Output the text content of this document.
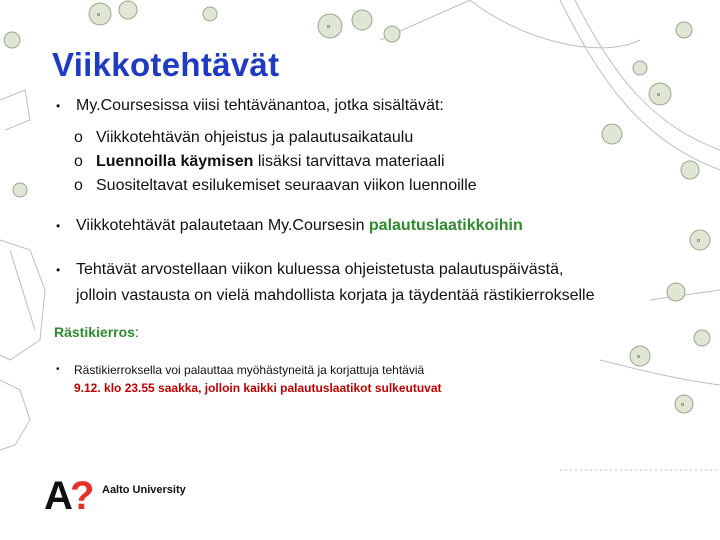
o
o
o
o
o
o
Viikkotehtävät
• My.Coursesissa viisi tehtävänantoa, jotka sisältävät:
o Viikkotehtävän ohjeistus ja palautusaikataulu
o Luennoilla käymisen lisäksi tarvittava materiaali
o Suositeltavat esilukemiset seuraavan viikon luennoille
• Viikkotehtävät palautetaan My.Coursesin palautuslaatikkoihin
• Tehtävät arvostellaan viikon kuluessa ohjeistetusta palautuspäivästä,
jolloin vastausta on vielä mahdollista korjata ja täydentää rästikierrokselle
Rästikierros:
• Rästikierroksella voi palauttaa myöhästyneitä ja korjattuja tehtäviä
9.12. klo 23.55 saakka, jolloin kaikki palautuslaatikot sulkeutuvat
A
? Aalto University
